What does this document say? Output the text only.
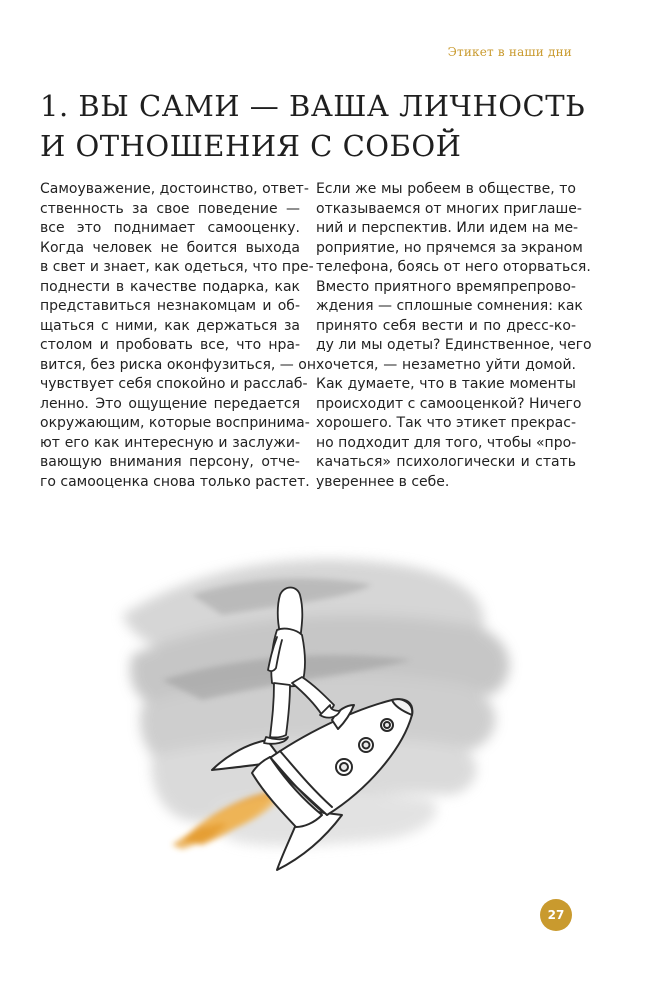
Этикет в наши дни
1. ВЫ САМИ — ВАША ЛИЧНОСТЬ
И ОТНОШЕНИЯ С СОБОЙ
Самоуважение, достоинство, ответ-
ственность за свое поведение —
все это поднимает самооценку.
Когда человек не боится выхода
в свет и знает, как одеться, что пре-
поднести в качестве подарка, как
представиться незнакомцам и об-
щаться с ними, как держаться за
столом и пробовать все, что нра-
вится, без риска оконфузиться, — он
чувствует себя спокойно и расслаб-
ленно. Это ощущение передается
окружающим, которые воспринима-
ют его как интересную и заслужи-
вающую внимания персону, отче-
го самооценка снова только растет.
Если же мы робеем в обществе, то
отказываемся от многих приглаше-
ний и перспектив. Или идем на ме-
роприятие, но прячемся за экраном
телефона, боясь от него оторваться.
Вместо приятного времяпрепрово-
ждения — сплошные сомнения: как
принято себя вести и по дресс-ко-
ду ли мы одеты? Единственное, чего
хочется, — незаметно уйти домой.
Как думаете, что в такие моменты
происходит с самооценкой? Ничего
хорошего. Так что этикет прекрас-
но подходит для того, чтобы «про-
качаться» психологически и стать
увереннее в себе.
27
